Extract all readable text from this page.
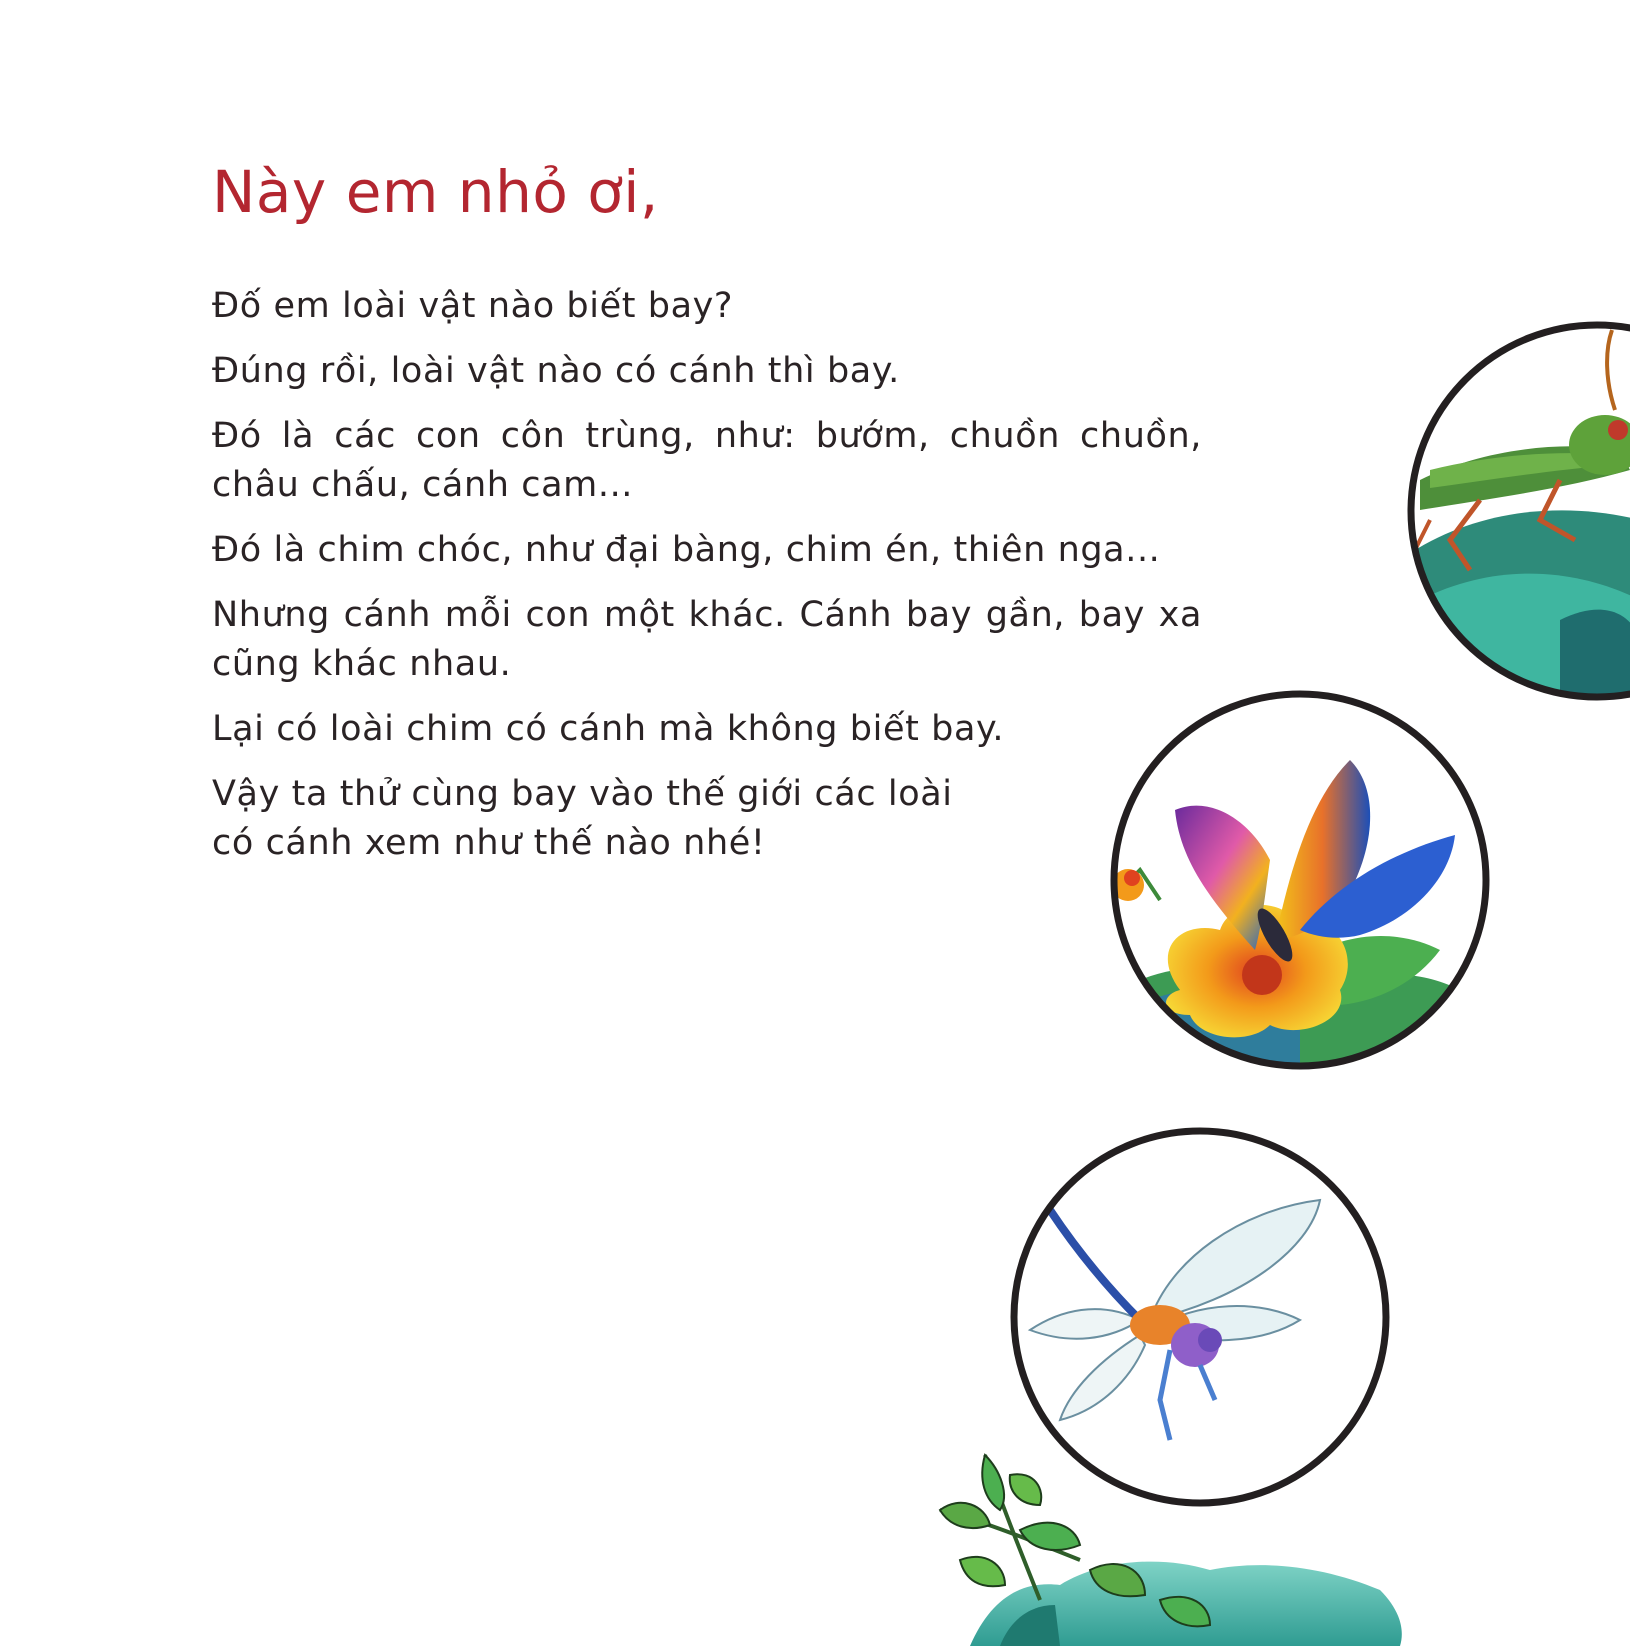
Này em nhỏ ơi,

Đố em loài vật nào biết bay?

Đúng rồi, loài vật nào có cánh thì bay.

Đó là các con côn trùng, như: bướm, chuồn chuồn, châu chấu, cánh cam...

Đó là chim chóc, như đại bàng, chim én, thiên nga...

Nhưng cánh mỗi con một khác. Cánh bay gần, bay xa cũng khác nhau.

Lại có loài chim có cánh mà không biết bay.

Vậy ta thử cùng bay vào thế giới các loài có cánh xem như thế nào nhé!
